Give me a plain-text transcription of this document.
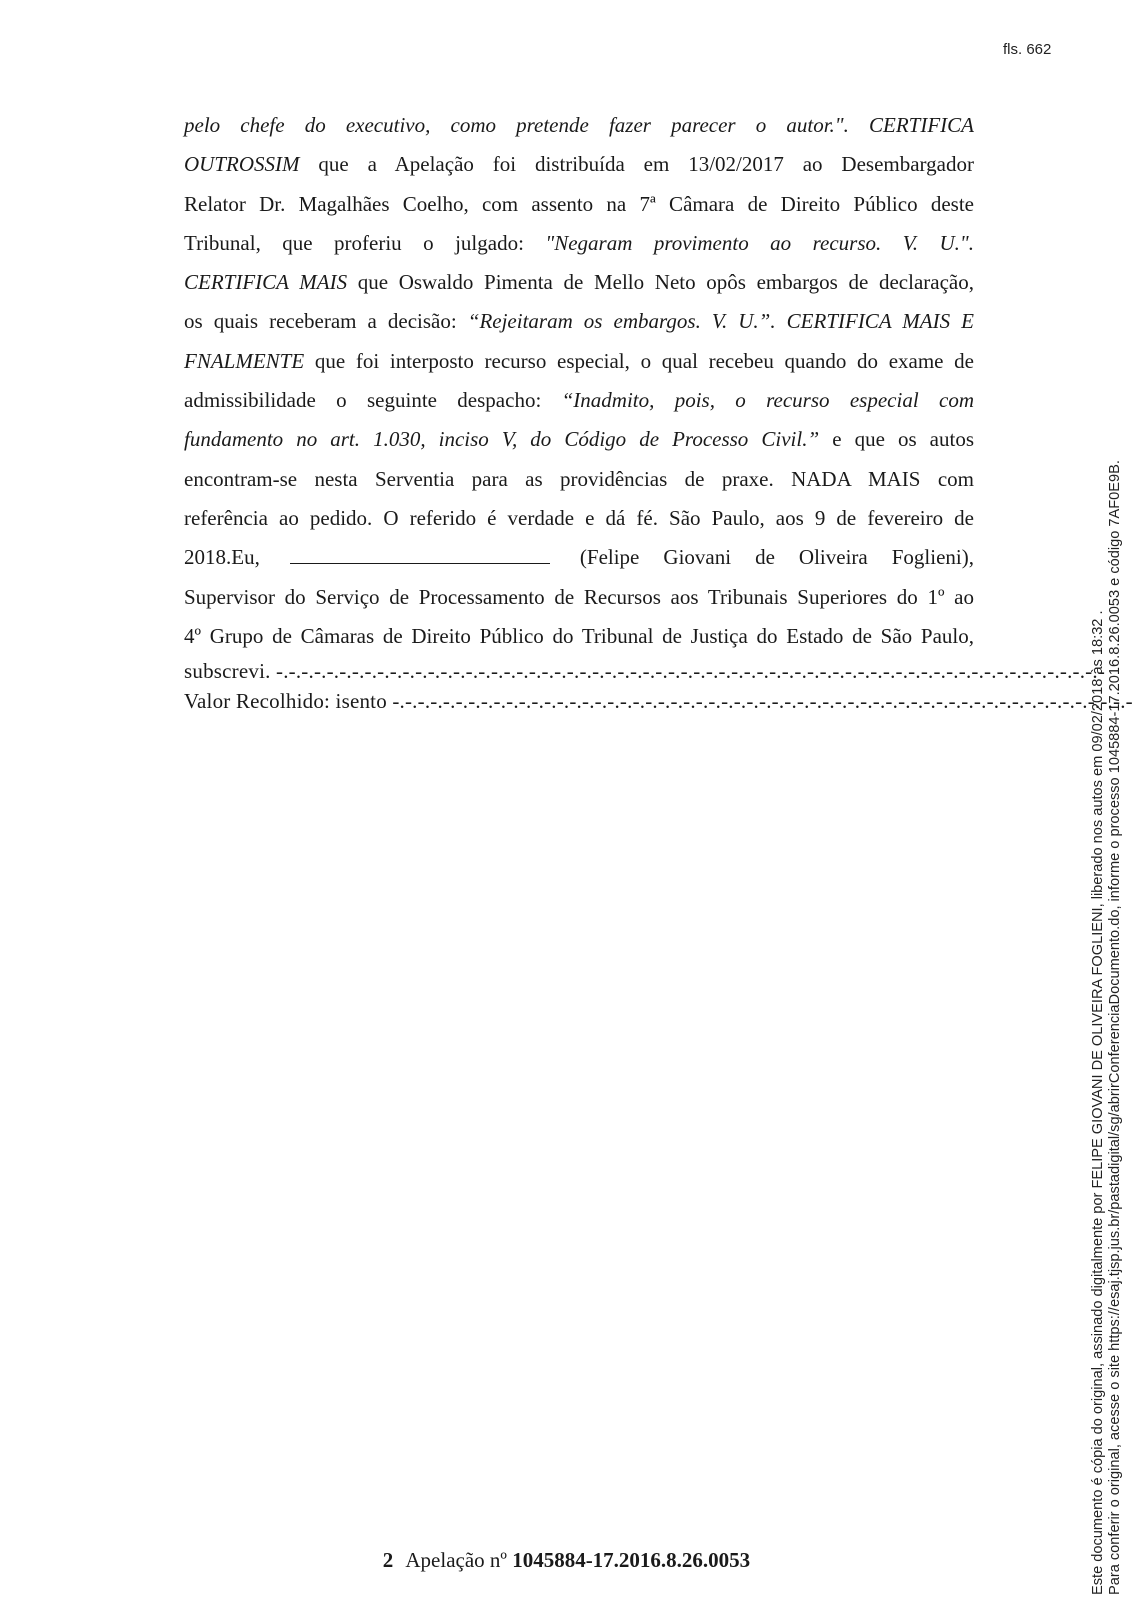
fls. 662
pelo chefe do executivo, como pretende fazer parecer o autor.". CERTIFICA
OUTROSSIM que a Apelação foi distribuída em 13/02/2017 ao Desembargador
Relator Dr. Magalhães Coelho, com assento na 7ª Câmara de Direito Público deste
Tribunal, que proferiu o julgado: "Negaram provimento ao recurso. V. U.".
CERTIFICA MAIS que Oswaldo Pimenta de Mello Neto opôs embargos de declaração,
os quais receberam a decisão: “Rejeitaram os embargos. V. U.”. CERTIFICA MAIS E
FNALMENTE que foi interposto recurso especial, o qual recebeu quando do exame de
admissibilidade o seguinte despacho: “Inadmito, pois, o recurso especial com
fundamento no art. 1.030, inciso V, do Código de Processo Civil.” e que os autos
encontram-se nesta Serventia para as providências de praxe. NADA MAIS com
referência ao pedido. O referido é verdade e dá fé. São Paulo, aos 9 de fevereiro de
2018.Eu,	(Felipe Giovani de Oliveira Foglieni),
Supervisor do Serviço de Processamento de Recursos aos Tribunais Superiores do 1º ao
4º Grupo de Câmaras de Direito Público do Tribunal de Justiça do Estado de São Paulo,
subscrevi. -.-.-.-.-.-.-.-.-.-.-.-.-.-.-.-.-.-.-.-.-.-.-.-.-.-.-.-.-.-.-.-.-.-.-.-.-.-.-.-.-.-.-.-.-.-.-.-.-.-.-.-.-.-.-.-.-.-.-.-.-.-.-.-.-.-
Valor Recolhido: isento -.-.-.-.-.-.-.-.-.-.-.-.-.-.-.-.-.-.-.-.-.-.-.-.-.-.-.-.-.-.-.-.-.-.-.-.-.-.-.-.-.-.-.-.-.-.-.-.-.-.-.-.-.-.-.-.-.-.-
2 Apelação nº 1045884-17.2016.8.26.0053	Este documento é cópia do original, assinado digitalmente por FELIPE GIOVANI DE OLIVEIRA FOGLIENI, liberado nos autos em 09/02/2018 às 18:32 . Para conferir o original, acesse o site https://esaj.tjsp.jus.br/pastadigital/sg/abrirConferenciaDocumento.do, informe o processo 1045884-17.2016.8.26.0053 e código 7AF0E9B.
